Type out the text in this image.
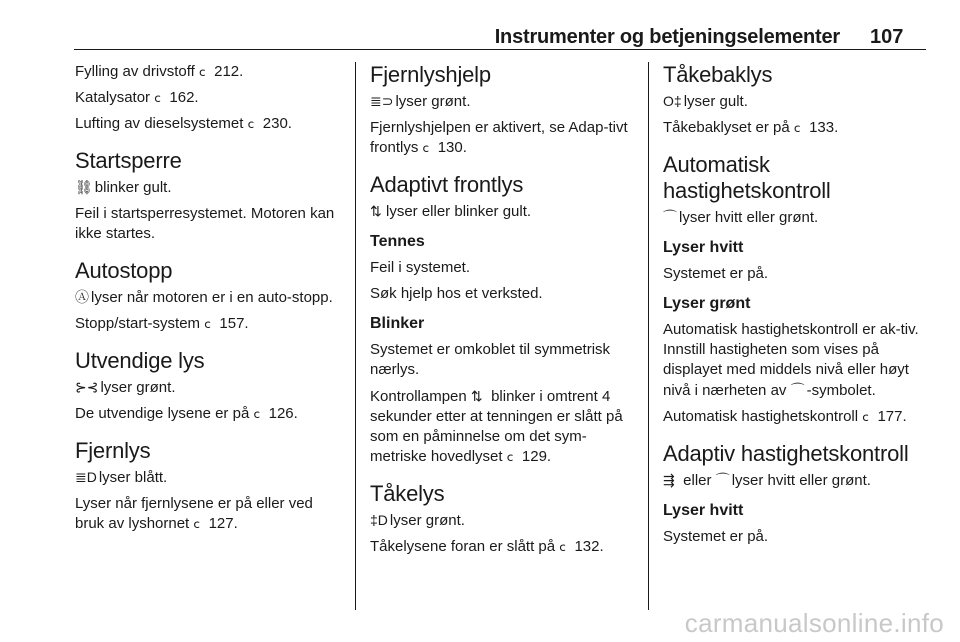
Instrumenter og betjeningselementer 107

Fylling av drivstoff ⅽ 212.

Katalysator ⅽ 162.

Lufting av dieselsystemet ⅽ 230.

Startsperre

⛓ blinker gult.

Feil i startsperresystemet. Motoren kan ikke startes.

Autostopp

Ⓐ lyser når motoren er i en auto-stopp.

Stopp/start-system ⅽ 157.

Utvendige lys

⊱⊰ lyser grønt.

De utvendige lysene er på ⅽ 126.

Fjernlys

≣D lyser blått.

Lyser når fjernlysene er på eller ved bruk av lyshornet ⅽ 127.

Fjernlyshjelp

≣⊃ lyser grønt.

Fjernlyshjelpen er aktivert, se Adap-tivt frontlys ⅽ 130.

Adaptivt frontlys

⇅ lyser eller blinker gult.

Tennes

Feil i systemet.

Søk hjelp hos et verksted.

Blinker

Systemet er omkoblet til symmetrisk nærlys.

Kontrollampen ⇅ blinker i omtrent 4 sekunder etter at tenningen er slått på som en påminnelse om det sym-metriske hovedlyset ⅽ 129.

Tåkelys

‡D lyser grønt.

Tåkelysene foran er slått på ⅽ 132.

Tåkebaklys

O‡ lyser gult.

Tåkebaklyset er på ⅽ 133.

Automatisk hastighetskontroll

⌒ lyser hvitt eller grønt.

Lyser hvitt

Systemet er på.

Lyser grønt

Automatisk hastighetskontroll er ak-tiv. Innstill hastigheten som vises på displayet med middels nivå eller høyt nivå i nærheten av ⌒ -symbolet.

Automatisk hastighetskontroll ⅽ 177.

Adaptiv hastighetskontroll

⇶ eller ⌒ lyser hvitt eller grønt.

Lyser hvitt

Systemet er på.

carmanualsonline.info
